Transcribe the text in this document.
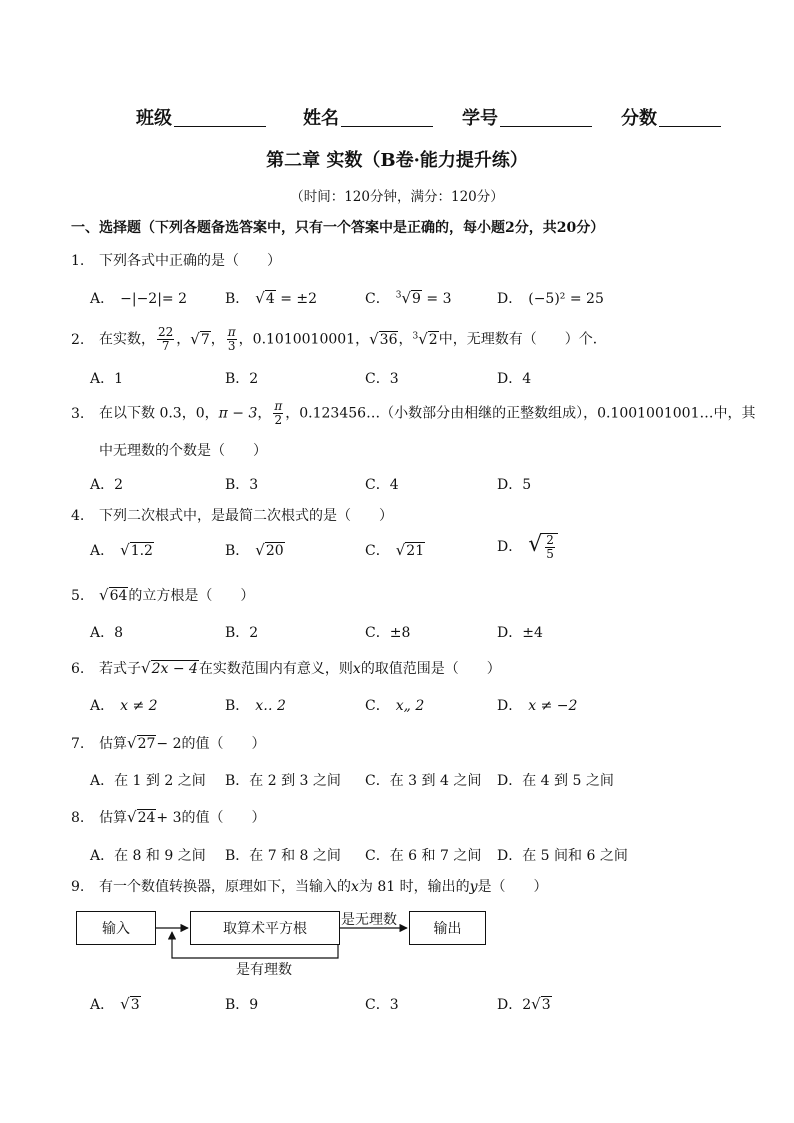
班级	姓名	学号	分数
第二章 实数（B卷·能力提升练）
（时间：120分钟，满分：120分）
一、选择题（下列各题备选答案中，只有一个答案中是正确的，每小题2分，共20分）
1. 下列各式中正确的是（　　）
A． −|−2|= 2	B． √4 = ±2	C． $^3$√9 = 3	D． (−5)² = 25
2. 在实数， $\frac{22}{7}$ ，√7， $\frac{\pi}{3}$ ，0.1010010001，√36，$^3$√2中，无理数有（　　）个．
A．1	B．2	C．3	D．4
3. 在以下数 0.3，0，π − 3， $\frac{\pi}{2}$ ，0.123456…（小数部分由相继的正整数组成），0.1001001001…中，其
中无理数的个数是（　　）
A．2	B．3	C．4	D．5
4. 下列二次根式中，是最简二次根式的是（　　）
A． √1.2	B． √20	C． √21	D． √ $\frac{2}{5}$
5. √64的立方根是（　　）
A．8	B．2	C．±8	D．±4
6. 若式子√2x − 4在实数范围内有意义，则x的取值范围是（　　）
A． x ≠ 2	B． x‥ 2	C． x„ 2	D． x ≠ −2
7. 估算√27− 2的值（　　）
A．在 1 到 2 之间 B．在 2 到 3 之间 C．在 3 到 4 之间 D．在 4 到 5 之间
8. 估算√24+ 3的值（　　）
A．在 8 和 9 之间 B．在 7 和 8 之间 C．在 6 和 7 之间 D．在 5 间和 6 之间
9. 有一个数值转换器，原理如下，当输入的x为 81 时，输出的y是（　　）
输入	取算术平方根	输出
是无理数
是有理数
A． √3	B．9	C．3	D．2√3
